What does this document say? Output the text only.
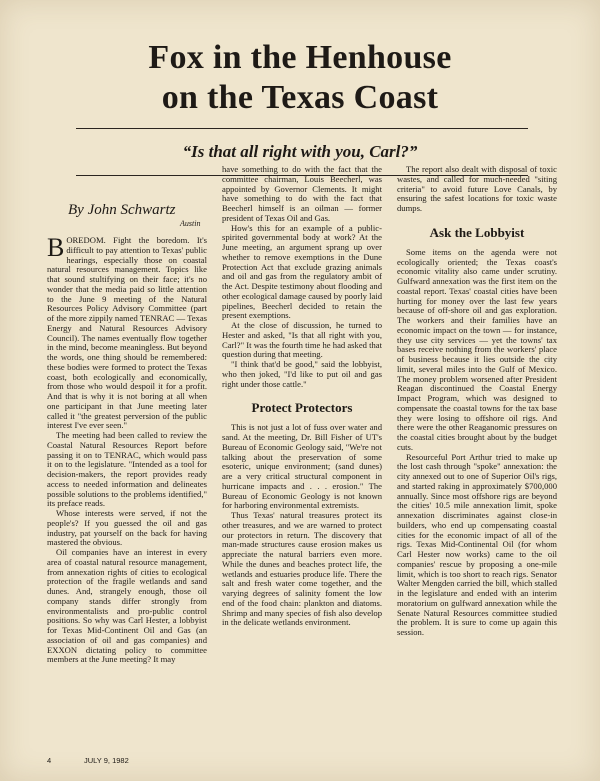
Fox in the Henhouse
on the Texas Coast
“Is that all right with you, Carl?”
By John Schwartz
Austin

BOREDOM. Fight the boredom. It's difficult to pay attention to Texas' public hearings, especially those on coastal natural resources management. Topics like that sound stultifying on their face; it's no wonder that the media paid so little attention to the June 9 meeting of the Natural Resources Policy Advisory Committee (part of the more zippily named TENRAC — Texas Energy and Natural Resources Advisory Council). The names eventually flow together in the mind, become meaningless. But beyond the words, one thing should be remembered: these bodies were formed to protect the Texas coast, both ecologically and economically, from those who would despoil it for a profit. And that is why it is not boring at all when one participant in that June meeting later called it "the greatest perversion of the public interest I've ever seen."

The meeting had been called to review the Coastal Natural Resources Report before passing it on to TENRAC, which would pass it on to the legislature. "Intended as a tool for decision-makers, the report provides ready access to needed information and delineates possible solutions to the problems identified," its preface reads.

Whose interests were served, if not the people's? If you guessed the oil and gas industry, pat yourself on the back for having mastered the obvious.

Oil companies have an interest in every area of coastal natural resource management, from annexation rights of cities to ecological protection of the fragile wetlands and sand dunes. And, strangely enough, those oil company stands differ strongly from environmentalists and pro-public control positions. So why was Carl Hester, a lobbyist for Texas Mid-Continent Oil and Gas (an association of oil and gas companies) and EXXON dictating policy to committee members at the June meeting? It may

have something to do with the fact that the committee chairman, Louis Beecherl, was appointed by Governor Clements. It might have something to do with the fact that Beecherl himself is an oilman — former president of Texas Oil and Gas.

How's this for an example of a public-spirited governmental body at work? At the June meeting, an argument sprang up over whether to remove exemptions in the Dune Protection Act that exclude grazing animals and oil and gas from the regulatory ambit of the Act. Despite testimony about flooding and other ecological damage caused by poorly laid pipelines, Beecherl decided to retain the present exemptions.

At the close of discussion, he turned to Hester and asked, "Is that all right with you, Carl?" It was the fourth time he had asked that question during that meeting.

"I think that'd be good," said the lobbyist, who then joked, "I'd like to put oil and gas right under those cattle."

Protect Protectors

This is not just a lot of fuss over water and sand. At the meeting, Dr. Bill Fisher of UT's Bureau of Economic Geology said, "We're not talking about the preservation of some esoteric, unique environment; (sand dunes) are a very critical structural component in hurricane impacts and . . . erosion." The Bureau of Economic Geology is not known for harboring environmental extremists.

Thus Texas' natural treasures protect its other treasures, and we are warned to protect our protectors in return. The discovery that man-made structures cause erosion makes us appreciate the natural barriers even more. While the dunes and beaches protect life, the wetlands and estuaries produce life. There the salt and fresh water come together, and the varying degrees of salinity foment the low end of the food chain: plankton and diatoms. Shrimp and many species of fish also develop in the delicate wetlands environment.

The report also dealt with disposal of toxic wastes, and called for much-needed "siting criteria" to avoid future Love Canals, by ensuring the safest locations for toxic waste dumps.

Ask the Lobbyist

Some items on the agenda were not ecologically oriented; the Texas coast's economic vitality also came under scrutiny. Gulfward annexation was the first item on the coastal report. Texas' coastal cities have been hurting for money over the last few years because of off-shore oil and gas exploration. The workers and their families have an economic impact on the town — for instance, they use city services — yet the towns' tax bases receive nothing from the workers' place of business because it lies outside the city limit, several miles into the Gulf of Mexico. The money problem worsened after President Reagan discontinued the Coastal Energy Impact Program, which was designed to compensate the coastal towns for the tax base they were losing to offshore oil rigs. And there were the other Reaganomic pressures on the coastal cities brought about by the budget cuts.

Resourceful Port Arthur tried to make up the lost cash through "spoke" annexation: the city annexed out to one of Superior Oil's rigs, and started raking in approximately $700,000 annually. Since most offshore rigs are beyond the cities' 10.5 mile annexation limit, spoke annexation discriminates against close-in builders, who end up compensating coastal cities for the economic impact of all of the rigs. Texas Mid-Continental Oil (for whom Carl Hester now works) came to the oil companies' rescue by proposing a one-mile limit, which is too short to reach rigs. Senator Walter Mengden carried the bill, which stalled in the legislature and ended with an interim moratorium on gulfward annexation while the Senate Natural Resources committee studied the problem. It is sure to come up again this session.

4	JULY 9, 1982
